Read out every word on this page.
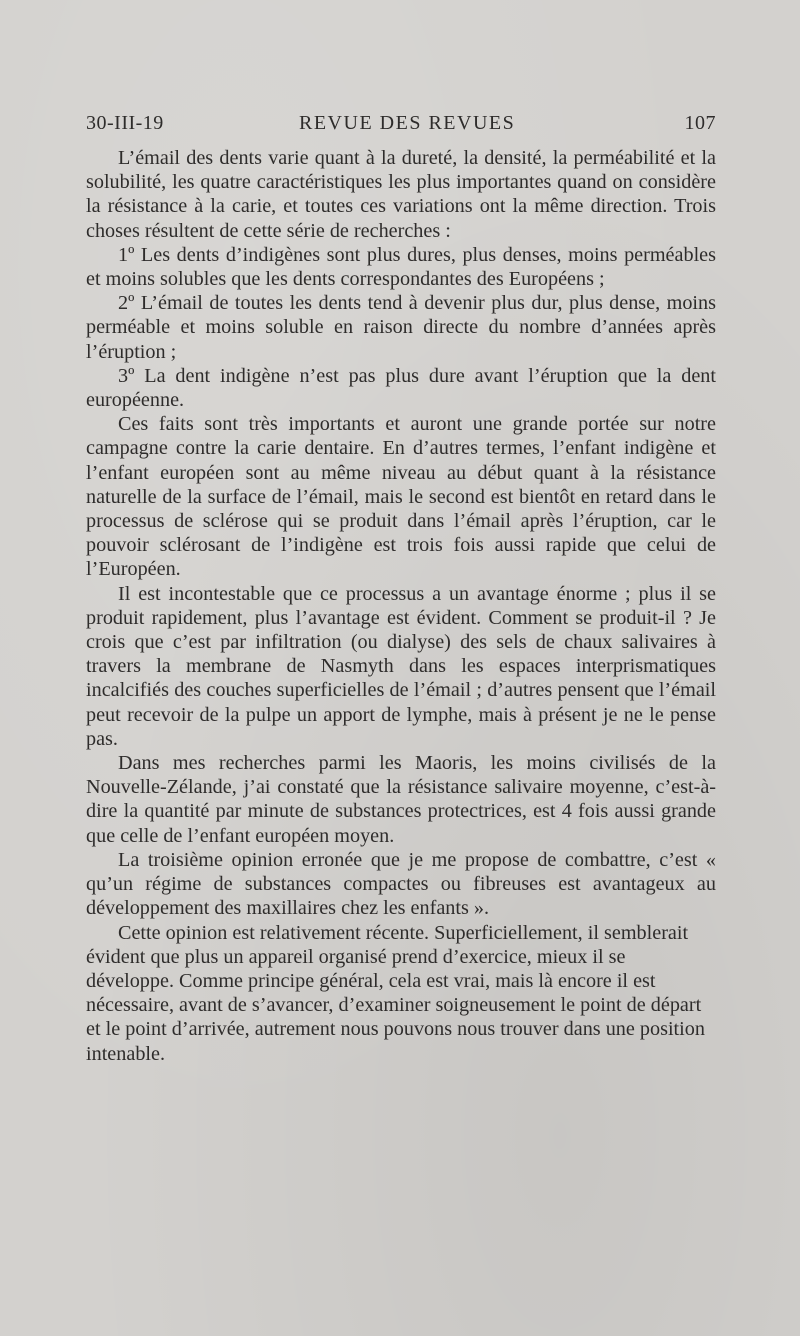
30-III-19	REVUE DES REVUES	107

L’émail des dents varie quant à la dureté, la densité, la perméabilité et la solubilité, les quatre caractéristiques les plus importantes quand on considère la résistance à la carie, et toutes ces variations ont la même direction. Trois choses résultent de cette série de recherches :

1º Les dents d’indigènes sont plus dures, plus denses, moins perméables et moins solubles que les dents correspondantes des Européens ;

2º L’émail de toutes les dents tend à devenir plus dur, plus dense, moins perméable et moins soluble en raison directe du nombre d’années après l’éruption ;

3º La dent indigène n’est pas plus dure avant l’éruption que la dent européenne.

Ces faits sont très importants et auront une grande portée sur notre campagne contre la carie dentaire. En d’autres termes, l’enfant indigène et l’enfant européen sont au même niveau au début quant à la résistance naturelle de la surface de l’émail, mais le second est bientôt en retard dans le processus de sclérose qui se produit dans l’émail après l’éruption, car le pouvoir sclérosant de l’indigène est trois fois aussi rapide que celui de l’Européen.

Il est incontestable que ce processus a un avantage énorme ; plus il se produit rapidement, plus l’avantage est évident. Comment se produit-il ? Je crois que c’est par infiltration (ou dialyse) des sels de chaux salivaires à travers la membrane de Nasmyth dans les espaces interprismatiques incalcifiés des couches superficielles de l’émail ; d’autres pensent que l’émail peut recevoir de la pulpe un apport de lymphe, mais à présent je ne le pense pas.

Dans mes recherches parmi les Maoris, les moins civilisés de la Nouvelle-Zélande, j’ai constaté que la résistance salivaire moyenne, c’est-à-dire la quantité par minute de substances protectrices, est 4 fois aussi grande que celle de l’enfant européen moyen.

La troisième opinion erronée que je me propose de combattre, c’est « qu’un régime de substances compactes ou fibreuses est avantageux au développement des maxillaires chez les enfants ».

Cette opinion est relativement récente. Superficiellement, il semblerait évident que plus un appareil organisé prend d’exercice, mieux il se développe. Comme principe général, cela est vrai, mais là encore il est nécessaire, avant de s’avancer, d’examiner soigneusement le point de départ et le point d’arrivée, autrement nous pouvons nous trouver dans une position intenable.
